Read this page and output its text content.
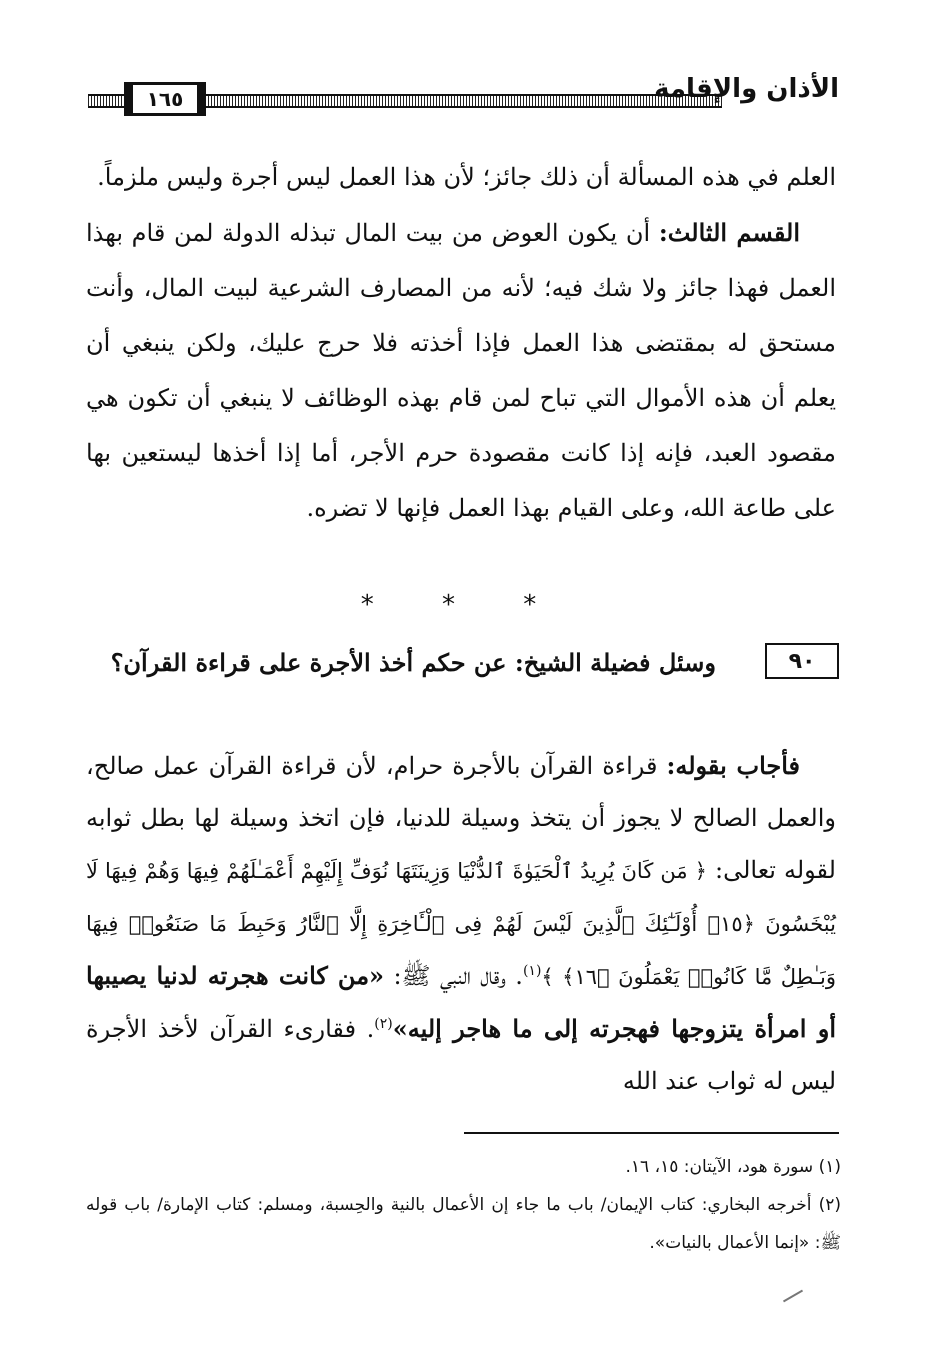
١٦٥	الأذان والإقامة

العلم في هذه المسألة أن ذلك جائز؛ لأن هذا العمل ليس أجرة وليس ملزماً.

القسم الثالث: أن يكون العوض من بيت المال تبذله الدولة لمن قام بهذا العمل فهذا جائز ولا شك فيه؛ لأنه من المصارف الشرعية لبيت المال، وأنت مستحق له بمقتضى هذا العمل فإذا أخذته فلا حرج عليك، ولكن ينبغي أن يعلم أن هذه الأموال التي تباح لمن قام بهذه الوظائف لا ينبغي أن تكون هي مقصود العبد، فإنه إذا كانت مقصودة حرم الأجر، أما إذا أخذها ليستعين بها على طاعة الله، وعلى القيام بهذا العمل فإنها لا تضره.

* * *
٩٠
وسئل فضيلة الشيخ: عن حكم أخذ الأجرة على قراءة القرآن؟
فأجاب بقوله: قراءة القرآن بالأجرة حرام، لأن قراءة القرآن عمل صالح، والعمل الصالح لا يجوز أن يتخذ وسيلة للدنيا، فإن اتخذ وسيلة لها بطل ثوابه لقوله تعالى: ﴿ مَن كَانَ يُرِيدُ ٱلْحَيَوٰةَ ٱلدُّنْيَا وَزِينَتَهَا نُوَفِّ إِلَيْهِمْ أَعْمَـٰلَهُمْ فِيهَا وَهُمْ فِيهَا لَا يُبْخَسُونَ ﴿١٥﴾ أُوْلَـٰٓئِكَ ٱلَّذِينَ لَيْسَ لَهُمْ فِى ٱلْـَٔاخِرَةِ إِلَّا ٱلنَّارُ وَحَبِطَ مَا صَنَعُوا۟ فِيهَا وَبَـٰطِلٌ مَّا كَانُوا۟ يَعْمَلُونَ ﴿١٦﴾ ﴾$^{(١)}$. وقال النبي ﷺ: «من كانت هجرته لدنيا يصيبها أو امرأة يتزوجها فهجرته إلى ما هاجر إليه»$^{(٢)}$. فقارىء القرآن لأخذ الأجرة ليس له ثواب عند الله

(١) سورة هود، الآيتان: ١٥، ١٦.

(٢) أخرجه البخاري: كتاب الإيمان/ باب ما جاء إن الأعمال بالنية والحِسبة، ومسلم: كتاب الإمارة/ باب قوله ﷺ: «إنما الأعمال بالنيات».
